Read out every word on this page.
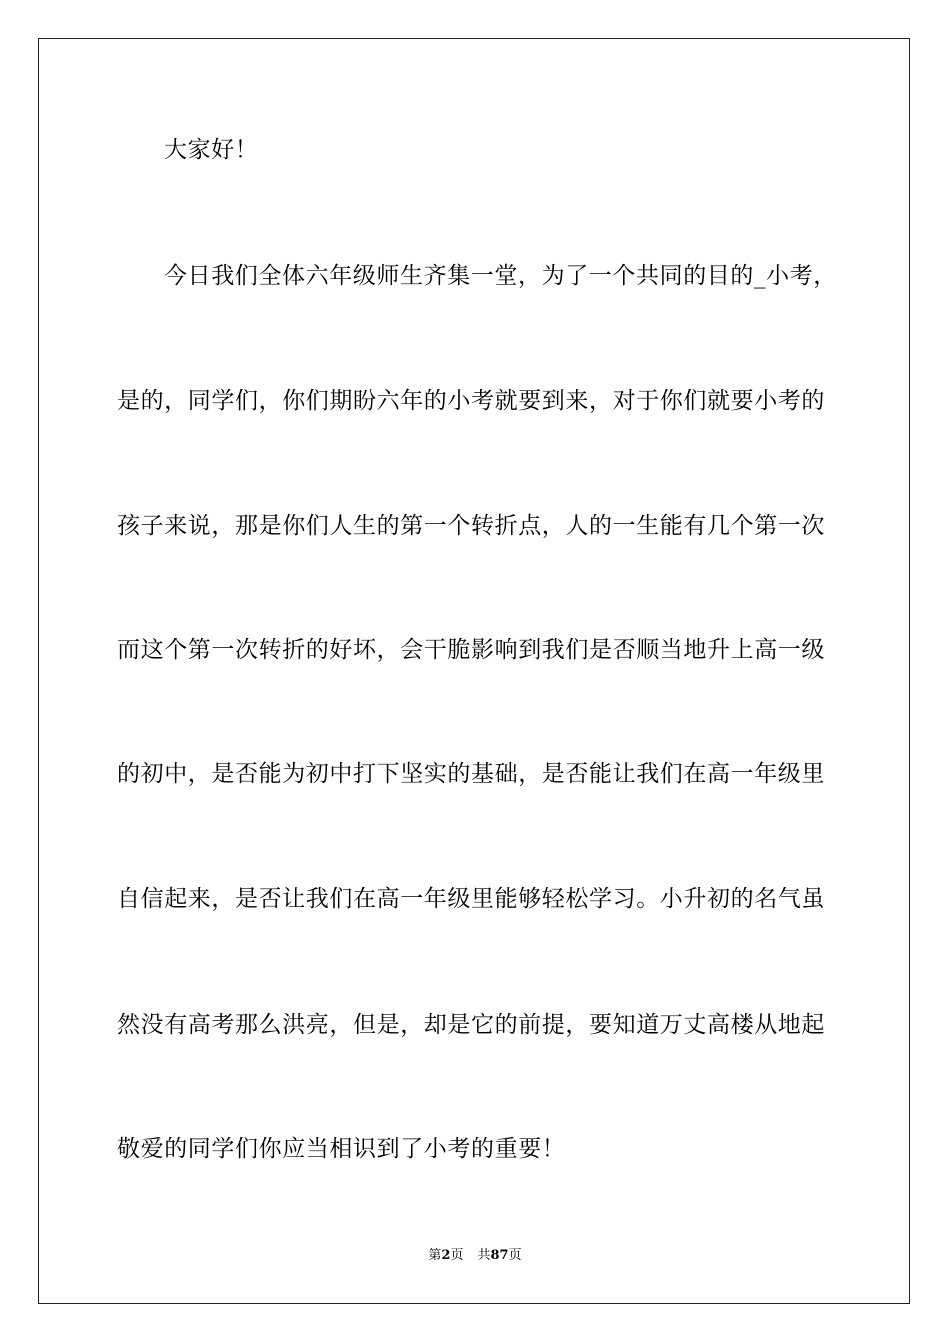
大家好！
今日我们全体六年级师生齐集一堂，为了一个共同的目的_小考，
是的，同学们，你们期盼六年的小考就要到来，对于你们就要小考的
孩子来说，那是你们人生的第一个转折点，人的一生能有几个第一次
而这个第一次转折的好坏，会干脆影响到我们是否顺当地升上高一级
的初中，是否能为初中打下坚实的基础，是否能让我们在高一年级里
自信起来，是否让我们在高一年级里能够轻松学习。小升初的名气虽
然没有高考那么洪亮，但是，却是它的前提，要知道万丈高楼从地起
敬爱的同学们你应当相识到了小考的重要！
第2页 共87页
